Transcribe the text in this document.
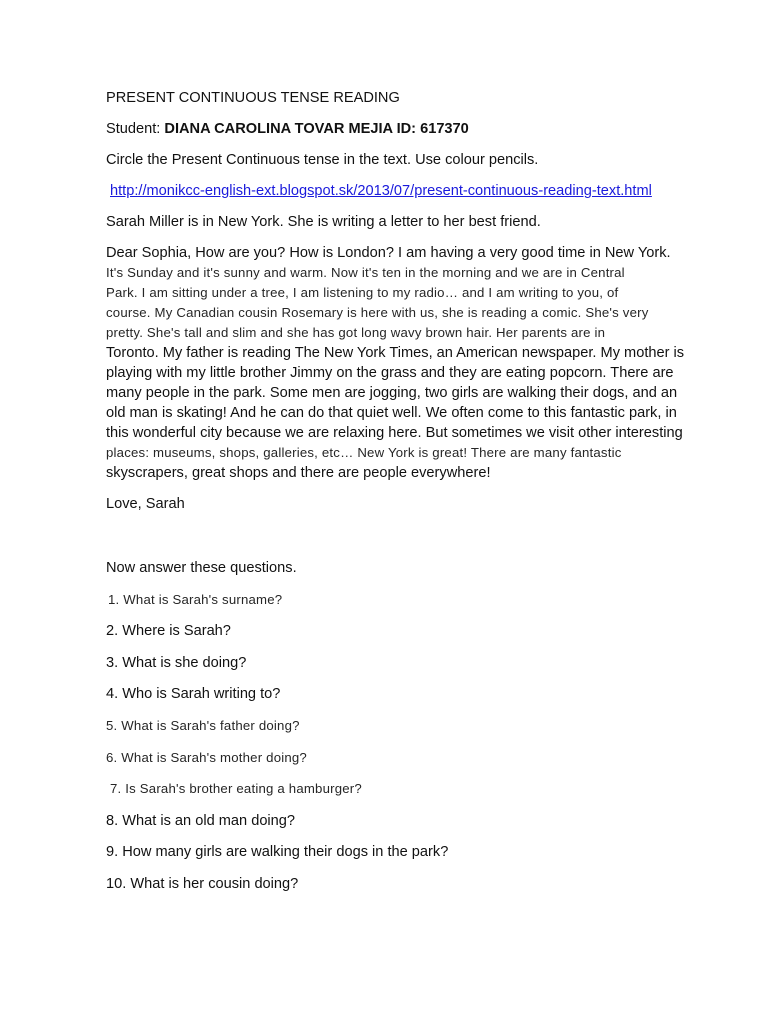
PRESENT CONTINUOUS TENSE READING

Student: DIANA CAROLINA TOVAR MEJIA ID: 617370

Circle the Present Continuous tense in the text. Use colour pencils.

http://monikcc-english-ext.blogspot.sk/2013/07/present-continuous-reading-text.html

Sarah Miller is in New York. She is writing a letter to her best friend.

Dear Sophia, How are you? How is London? I am having a very good time in New York.

It's Sunday and it's sunny and warm. Now it's ten in the morning and we are in Central

Park. I am sitting under a tree, I am listening to my radio… and I am writing to you, of

course. My Canadian cousin Rosemary is here with us, she is reading a comic. She's very

pretty. She's tall and slim and she has got long wavy brown hair. Her parents are in

Toronto. My father is reading The New York Times, an American newspaper. My mother is

playing with my little brother Jimmy on the grass and they are eating popcorn. There are

many people in the park. Some men are jogging, two girls are walking their dogs, and an

old man is skating! And he can do that quiet well. We often come to this fantastic park, in

this wonderful city because we are relaxing here. But sometimes we visit other interesting

places: museums, shops, galleries, etc… New York is great! There are many fantastic

skyscrapers, great shops and there are people everywhere!

Love, Sarah

Now answer these questions.

1. What is Sarah's surname?

2. Where is Sarah?

3. What is she doing?

4. Who is Sarah writing to?

5. What is Sarah's father doing?

6. What is Sarah's mother doing?

7. Is Sarah's brother eating a hamburger?

8. What is an old man doing?

9. How many girls are walking their dogs in the park?

10. What is her cousin doing?
